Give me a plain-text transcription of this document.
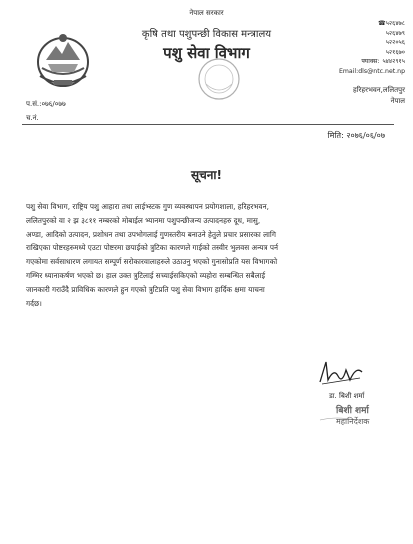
नेपाल सरकार
कृषि तथा पशुपन्छी विकास मन्त्रालय
पशु सेवा विभाग
☎५२६४७८
५२६४७९
५२२०५६
५२१६७०
फ्याक्स: ५४४२९१५
Email:dls@ntc.net.np
हरिहरभवन,ललितपुर
नेपाल
प.सं.:०७६/०७७
च.नं.
मिति: २०७६/०६/०७
सूचना!
पशु सेवा विभाग, राष्ट्रिय पशु आहारा तथा लाईभ्स्टक गुण व्यवस्थापन प्रयोगशाला, हरिहरभवन,
ललितपुरको वा २ झ ३८११ नम्बरको मोबाईल भ्यानमा पशुपन्छीजन्य उत्पादनहरु दूध, मासु,
अण्डा, आदिको उत्पादन, प्रशोधन तथा उपभोगलाई गुणस्तरीय बनाउने हेतुले प्रचार प्रसारका लागि
राखिएका पोष्टरहरुमध्ये एउटा पोष्टरमा छपाईको त्रुटिका कारणले गाईको तस्वीर भुलवस अन्यत्र पर्न
गएकोमा सर्वसाधारण लगायत सम्पूर्ण सरोकारवालाहरुले उठाउनु भएको गुनासोप्रति यस विभागको
गम्भिर ध्यानाकर्षण भएको छ। हाल उक्त त्रुटिलाई सच्याईसकिएको व्यहोरा सम्बन्धित सबैलाई
जानकारी गराउँदै प्राविधिक कारणले हुन गएको त्रुटिप्रति पशु सेवा विभाग हार्दिक क्षमा याचना
गर्दछ।
डा. बिशी शर्मा
बिशी शर्मा
महानिर्देशक
